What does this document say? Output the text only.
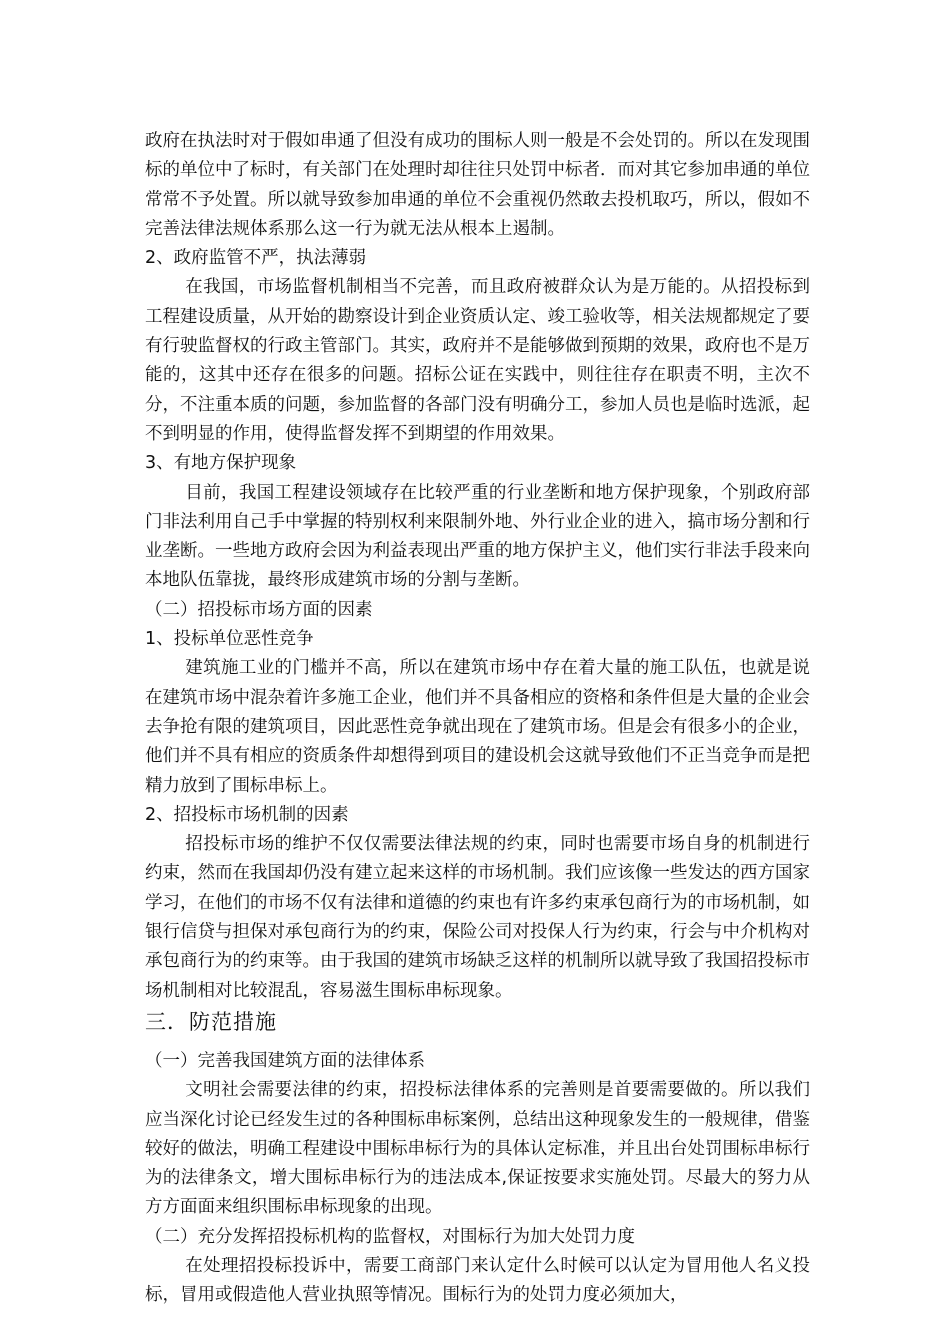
政府在执法时对于假如串通了但没有成功的围标人则一般是不会处罚的。所以在发现围标的单位中了标时，有关部门在处理时却往往只处罚中标者．而对其它参加串通的单位常常不予处置。所以就导致参加串通的单位不会重视仍然敢去投机取巧，所以，假如不完善法律法规体系那么这一行为就无法从根本上遏制。

2、政府监管不严，执法薄弱

在我国，市场监督机制相当不完善，而且政府被群众认为是万能的。从招投标到工程建设质量，从开始的勘察设计到企业资质认定、竣工验收等，相关法规都规定了要有行驶监督权的行政主管部门。其实，政府并不是能够做到预期的效果，政府也不是万能的，这其中还存在很多的问题。招标公证在实践中，则往往存在职责不明，主次不分，不注重本质的问题，参加监督的各部门没有明确分工，参加人员也是临时选派，起不到明显的作用，使得监督发挥不到期望的作用效果。

3、有地方保护现象

目前，我国工程建设领域存在比较严重的行业垄断和地方保护现象，个别政府部门非法利用自己手中掌握的特别权利来限制外地、外行业企业的进入，搞市场分割和行业垄断。一些地方政府会因为利益表现出严重的地方保护主义，他们实行非法手段来向本地队伍靠拢，最终形成建筑市场的分割与垄断。

（二）招投标市场方面的因素

1、投标单位恶性竞争

建筑施工业的门槛并不高，所以在建筑市场中存在着大量的施工队伍，也就是说在建筑市场中混杂着许多施工企业，他们并不具备相应的资格和条件但是大量的企业会去争抢有限的建筑项目，因此恶性竞争就出现在了建筑市场。但是会有很多小的企业，他们并不具有相应的资质条件却想得到项目的建设机会这就导致他们不正当竞争而是把精力放到了围标串标上。

2、招投标市场机制的因素

招投标市场的维护不仅仅需要法律法规的约束，同时也需要市场自身的机制进行约束，然而在我国却仍没有建立起来这样的市场机制。我们应该像一些发达的西方国家学习，在他们的市场不仅有法律和道德的约束也有许多约束承包商行为的市场机制，如银行信贷与担保对承包商行为的约束，保险公司对投保人行为约束，行会与中介机构对承包商行为的约束等。由于我国的建筑市场缺乏这样的机制所以就导致了我国招投标市场机制相对比较混乱，容易滋生围标串标现象。

三．防范措施

（一）完善我国建筑方面的法律体系

文明社会需要法律的约束，招投标法律体系的完善则是首要需要做的。所以我们应当深化讨论已经发生过的各种围标串标案例，总结出这种现象发生的一般规律，借鉴较好的做法，明确工程建设中围标串标行为的具体认定标准，并且出台处罚围标串标行为的法律条文，增大围标串标行为的违法成本,保证按要求实施处罚。尽最大的努力从方方面面来组织围标串标现象的出现。

（二）充分发挥招投标机构的监督权，对围标行为加大处罚力度

在处理招投标投诉中，需要工商部门来认定什么时候可以认定为冒用他人名义投标，冒用或假造他人营业执照等情况。围标行为的处罚力度必须加大，
